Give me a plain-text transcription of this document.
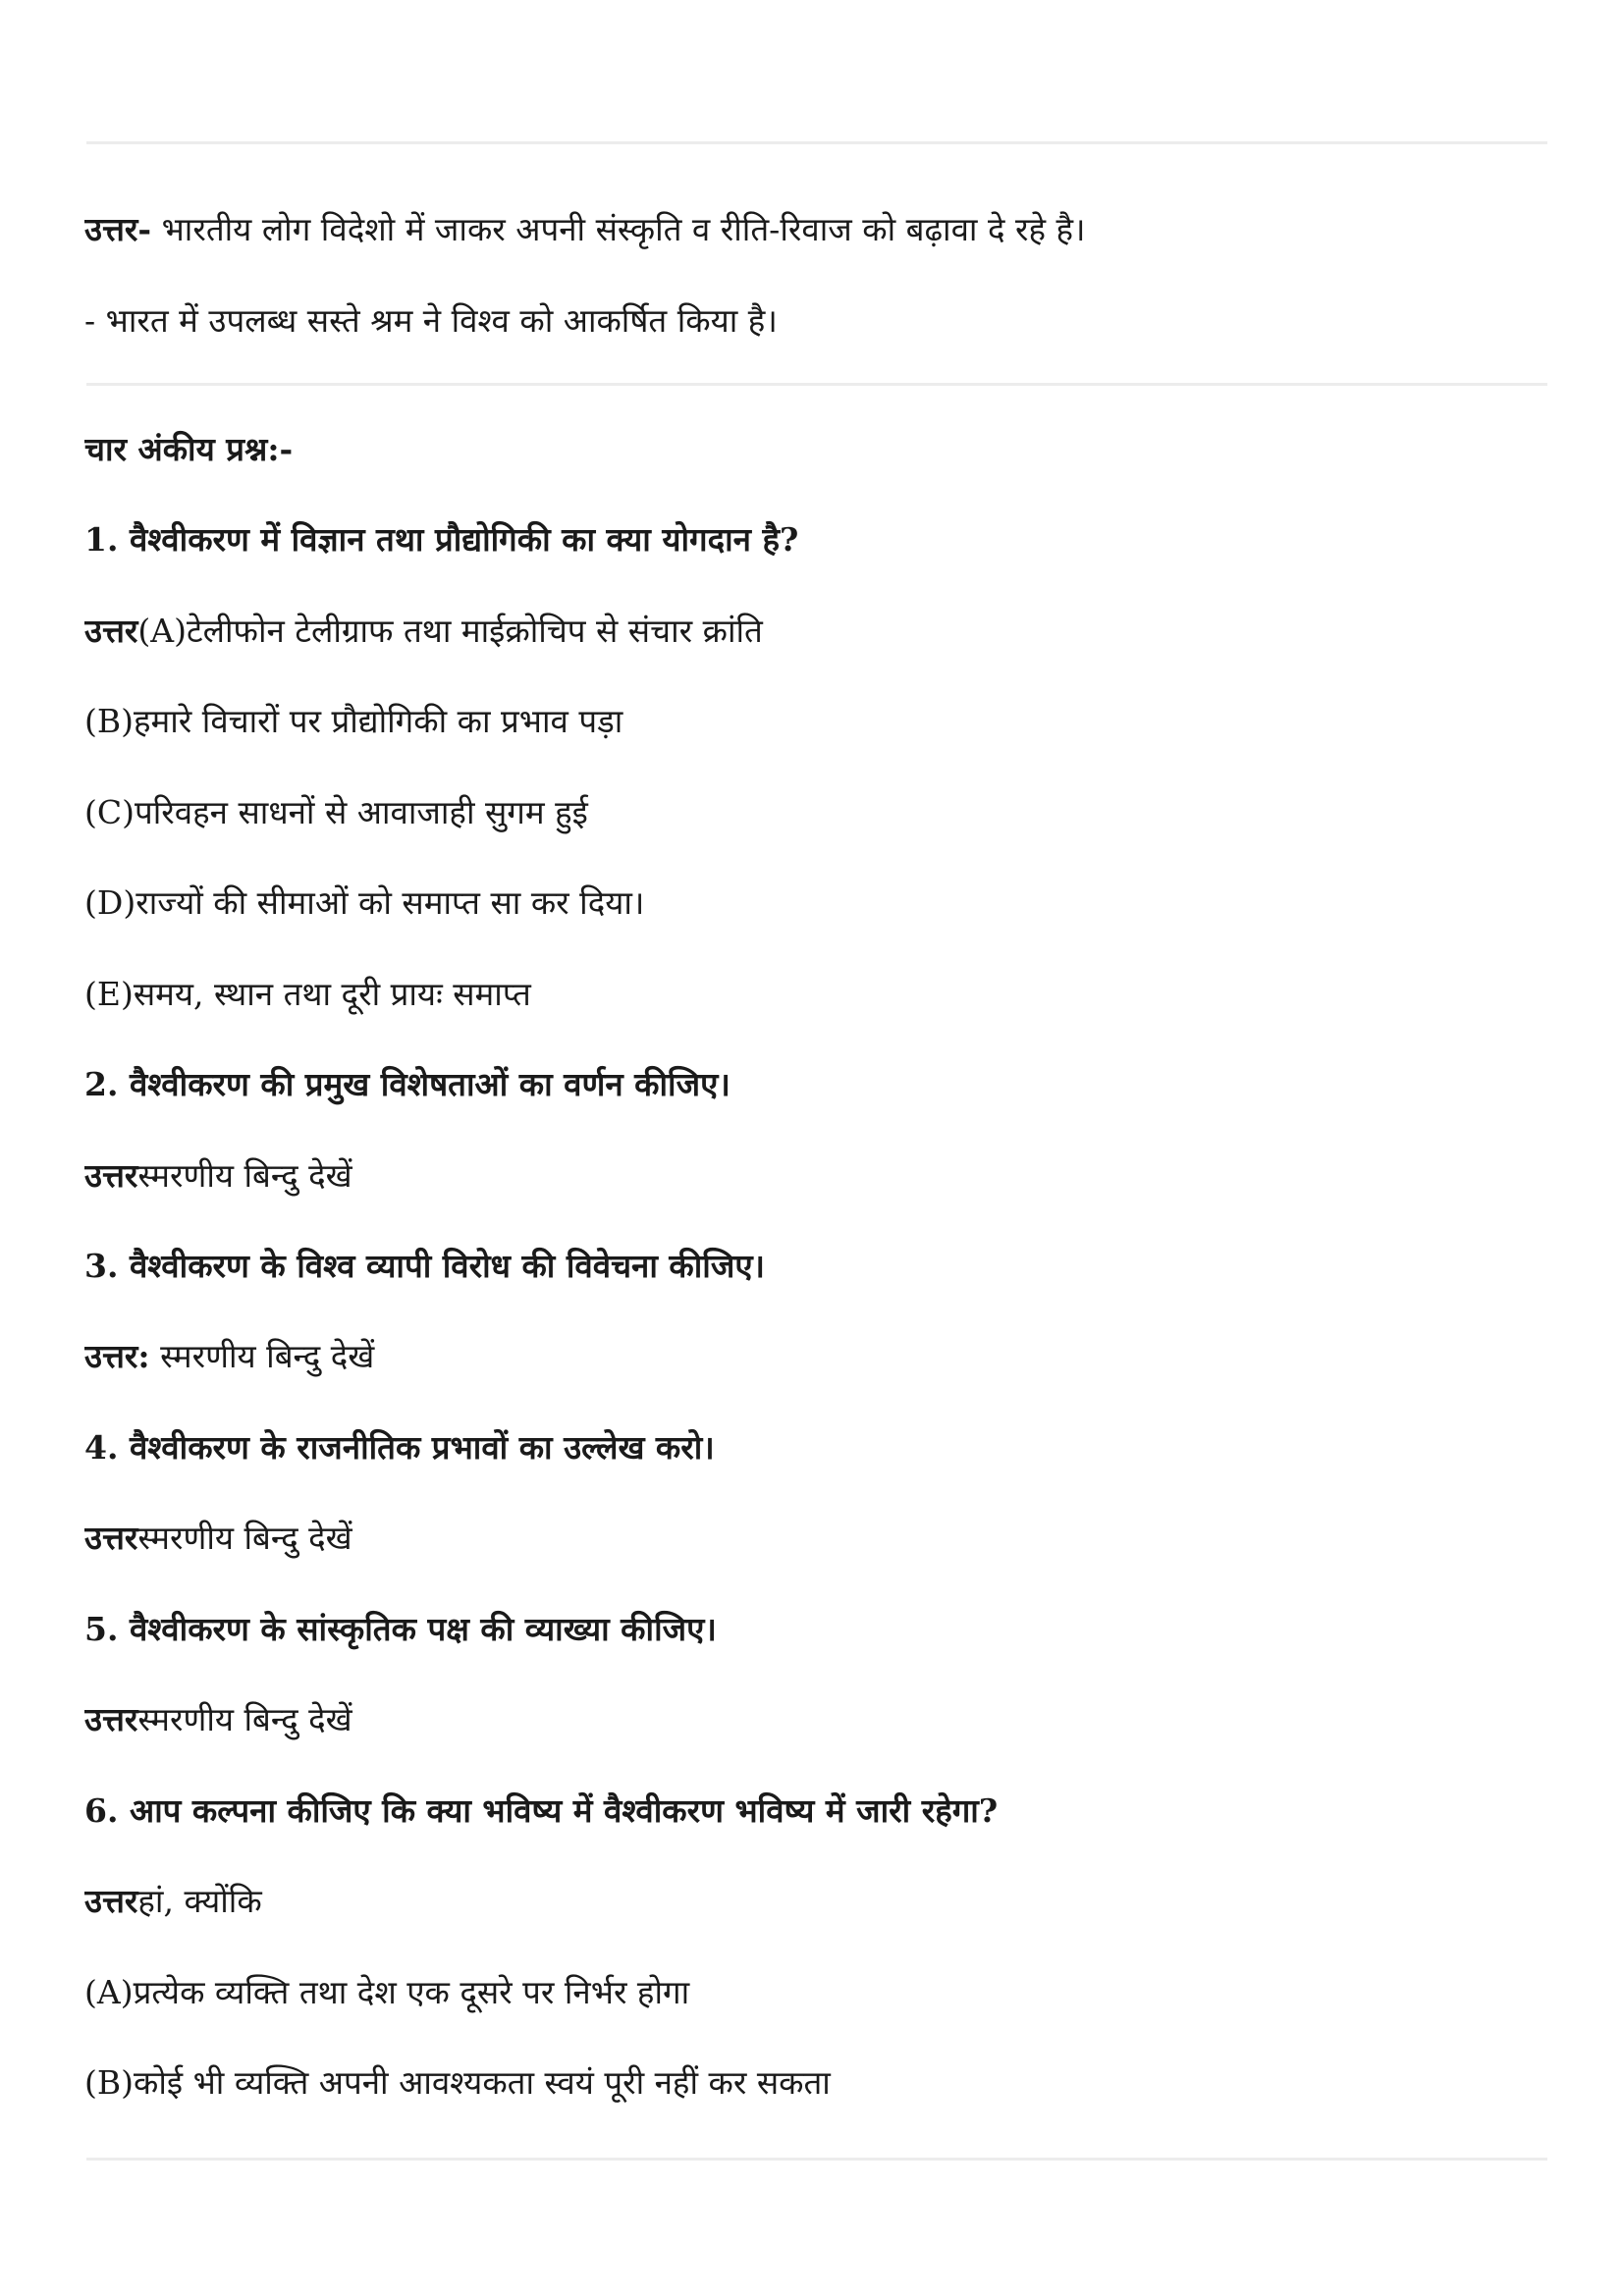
उत्तर- भारतीय लोग विदेशो में जाकर अपनी संस्कृति व रीति-रिवाज को बढ़ावा दे रहे है।
- भारत में उपलब्ध सस्ते श्रम ने विश्व को आकर्षित किया है।
चार अंकीय प्रश्न:-
1. वैश्वीकरण में विज्ञान तथा प्रौद्योगिकी का क्या योगदान है?
उत्तर(A)टेलीफोन टेलीग्राफ तथा माईक्रोचिप से संचार क्रांति
(B)हमारे विचारों पर प्रौद्योगिकी का प्रभाव पड़ा
(C)परिवहन साधनों से आवाजाही सुगम हुई
(D)राज्यों की सीमाओं को समाप्त सा कर दिया।
(E)समय, स्थान तथा दूरी प्रायः समाप्त
2. वैश्वीकरण की प्रमुख विशेषताओं का वर्णन कीजिए।
उत्तरस्मरणीय बिन्दु देखें
3. वैश्वीकरण के विश्व व्यापी विरोध की विवेचना कीजिए।
उत्तर: स्मरणीय बिन्दु देखें
4. वैश्वीकरण के राजनीतिक प्रभावों का उल्लेख करो।
उत्तरस्मरणीय बिन्दु देखें
5. वैश्वीकरण के सांस्कृतिक पक्ष की व्याख्या कीजिए।
उत्तरस्मरणीय बिन्दु देखें
6. आप कल्पना कीजिए कि क्या भविष्य में वैश्वीकरण भविष्य में जारी रहेगा?
उत्तरहां, क्योंकि
(A)प्रत्येक व्यक्ति तथा देश एक दूसरे पर निर्भर होगा
(B)कोई भी व्यक्ति अपनी आवश्यकता स्वयं पूरी नहीं कर सकता
